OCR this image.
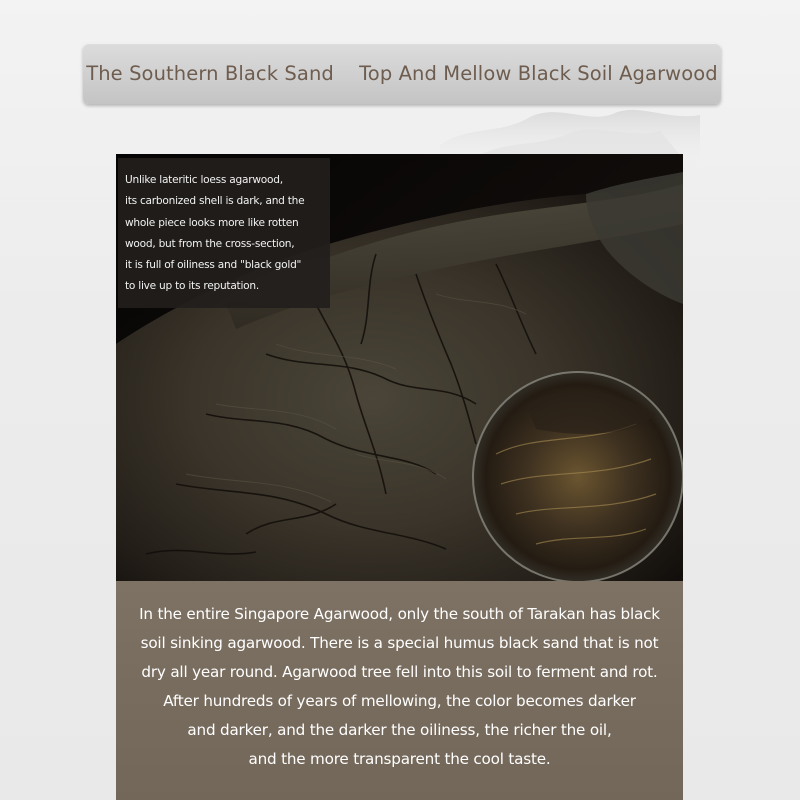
The Southern Black Sand    Top And Mellow Black Soil Agarwood
Unlike lateritic loess agarwood,
its carbonized shell is dark, and the
whole piece looks more like rotten
wood, but from the cross-section,
it is full of oiliness and "black gold"
to live up to its reputation.
In the entire Singapore Agarwood, only the south of Tarakan has black
soil sinking agarwood. There is a special humus black sand that is not
dry all year round. Agarwood tree fell into this soil to ferment and rot.
After hundreds of years of mellowing, the color becomes darker
and darker, and the darker the oiliness, the richer the oil,
and the more transparent the cool taste.
